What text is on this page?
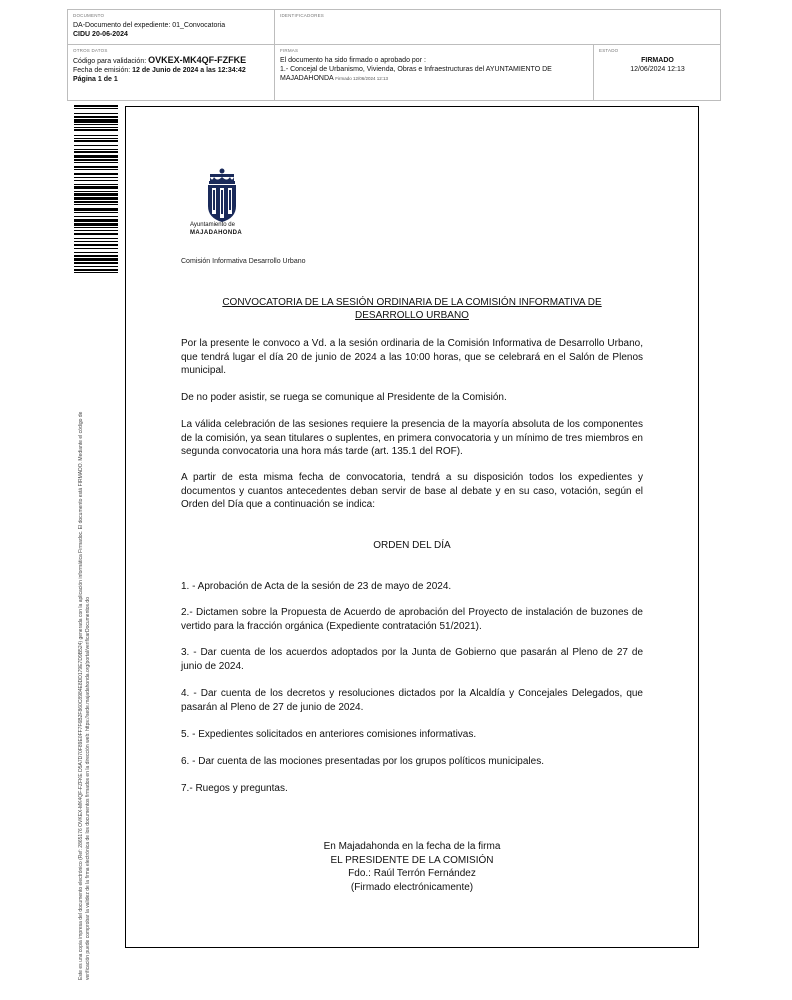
DOCUMENTO
DA-Documento del expediente: 01_Convocatoria
CIDU 20-06-2024
IDENTIFICADORES
OTROS DATOS
Código para validación: OVKEX-MK4QF-FZFKE
Fecha de emisión: 12 de Junio de 2024 a las 12:34:42
Página 1 de 1
FIRMAS
El documento ha sido firmado o aprobado por :
1.- Concejal de Urbanismo, Vivienda, Obras e Infraestructuras del AYUNTAMIENTO DE
MAJADAHONDA Firmado 12/06/2024 12:13
ESTADO
FIRMADO
12/06/2024 12:13
Este es una copia impresa del documento electrónico (Ref: 2865176 OVKEX-MK4QF-FZFKE D5A7D70F89E0FF7F6B2F860C8984E8DD179E7D9B524) generada con la aplicación informática Firmadoc. El documento está FIRMADO. Mediante el código de verificación puede comprobar la validez de la firma electrónica de los documentos firmados en la dirección web: https://sede.majadahonda.org/portal/verificarDocumentos.do
Ayuntamiento de
MAJADAHONDA
Comisión Informativa Desarrollo Urbano
CONVOCATORIA DE LA SESIÓN ORDINARIA DE LA COMISIÓN INFORMATIVA DE
DESARROLLO URBANO
Por la presente le convoco a Vd. a la sesión ordinaria de la Comisión Informativa de Desarrollo Urbano, que tendrá lugar el día 20 de junio de 2024 a las 10:00 horas, que se celebrará en el Salón de Plenos municipal.
De no poder asistir, se ruega se comunique al Presidente de la Comisión.
La válida celebración de las sesiones requiere la presencia de la mayoría absoluta de los componentes de la comisión, ya sean titulares o suplentes, en primera convocatoria y un mínimo de tres miembros en segunda convocatoria una hora más tarde (art. 135.1 del ROF).
A partir de esta misma fecha de convocatoria, tendrá a su disposición todos los expedientes y documentos y cuantos antecedentes deban servir de base al debate y en su caso, votación, según el Orden del Día que a continuación se indica:
ORDEN DEL DÍA
1. - Aprobación de Acta de la sesión de 23 de mayo de 2024.
2.- Dictamen sobre la Propuesta de Acuerdo de aprobación del Proyecto de instalación de buzones de vertido para la fracción orgánica (Expediente contratación 51/2021).
3. - Dar cuenta de los acuerdos adoptados por la Junta de Gobierno que pasarán al Pleno de 27 de junio de 2024.
4. - Dar cuenta de los decretos y resoluciones dictados por la Alcaldía y Concejales Delegados, que pasarán al Pleno de 27 de junio de 2024.
5. - Expedientes solicitados en anteriores comisiones informativas.
6. - Dar cuenta de las mociones presentadas por los grupos políticos municipales.
7.- Ruegos y preguntas.
En Majadahonda en la fecha de la firma
EL PRESIDENTE DE LA COMISIÓN
Fdo.: Raúl Terrón Fernández
(Firmado electrónicamente)
